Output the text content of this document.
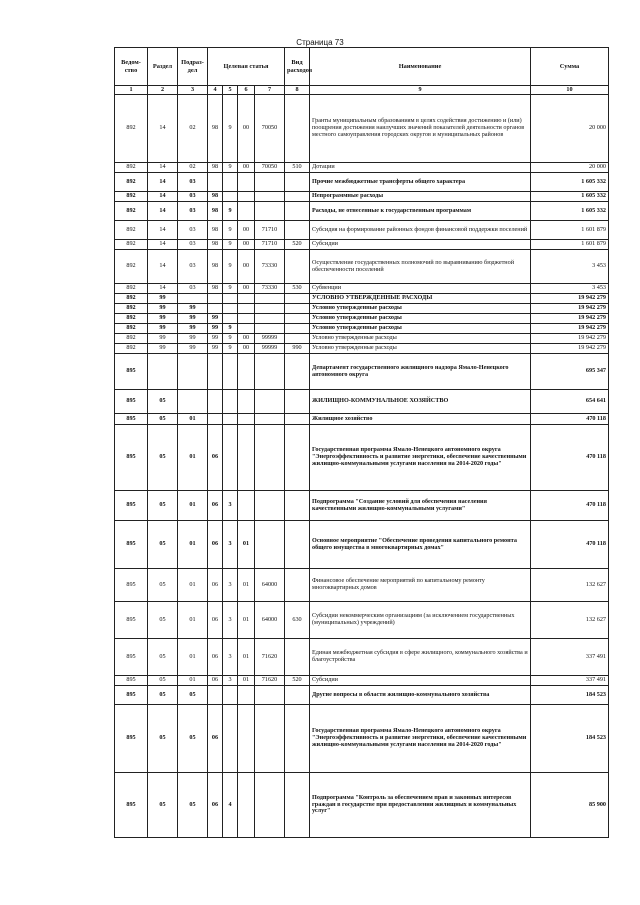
Страница 73
Ведом-ство	Раздел	Подраз-дел	Целевая статья				Вид расходов	Наименование	Сумма
1	2	3	4	5	6	7	8	9	10
892	14	02	98	9	00	70050		Гранты муниципальным образованиям в целях содействия достижению и (или) поощрения достижения наилучших значений показателей деятельности органов местного самоуправления городских округов и муниципальных районов	20 000
892	14	02	98	9	00	70050	510	Дотации	20 000
892	14	03						Прочие межбюджетные трансферты общего характера	1 605 332
892	14	03	98					Непрограммные расходы	1 605 332
892	14	03	98	9				Расходы, не отнесенные к государственным программам	1 605 332
892	14	03	98	9	00	71710		Субсидия на формирование районных фондов финансовой поддержки поселений	1 601 879
892	14	03	98	9	00	71710	520	Субсидии	1 601 879
892	14	03	98	9	00	73330		Осуществление государственных полномочий по выравниванию бюджетной обеспеченности поселений	3 453
892	14	03	98	9	00	73330	530	Субвенции	3 453
892	99							УСЛОВНО УТВЕРЖДЕННЫЕ РАСХОДЫ	19 942 279
892	99	99						Условно утвержденные расходы	19 942 279
892	99	99	99					Условно утвержденные расходы	19 942 279
892	99	99	99	9				Условно утвержденные расходы	19 942 279
892	99	99	99	9	00	99999		Условно утвержденные расходы	19 942 279
892	99	99	99	9	00	99999	990	Условно утвержденные расходы	19 942 279
895								Департамент государственного жилищного надзора Ямало-Ненецкого автономного округа	695 347
895	05							ЖИЛИЩНО-КОММУНАЛЬНОЕ ХОЗЯЙСТВО	654 641
895	05	01						Жилищное хозяйство	470 118
895	05	01	06					Государственная программа Ямало-Ненецкого автономного округа "Энергоэффективность и развитие энергетики, обеспечение качественными жилищно-коммунальными услугами населения на 2014-2020 годы"	470 118
895	05	01	06	3				Подпрограмма "Создание условий для обеспечения населения качественными жилищно-коммунальными услугами"	470 118
895	05	01	06	3	01			Основное мероприятие "Обеспечение проведения капитального ремонта общего имущества в многоквартирных домах"	470 118
895	05	01	06	3	01	64000		Финансовое обеспечение мероприятий по капитальному ремонту многоквартирных домов	132 627
895	05	01	06	3	01	64000	630	Субсидии некоммерческим организациям (за исключением государственных (муниципальных) учреждений)	132 627
895	05	01	06	3	01	71620		Единая межбюджетная субсидия в сфере жилищного, коммунального хозяйства и благоустройства	337 491
895	05	01	06	3	01	71620	520	Субсидии	337 491
895	05	05						Другие вопросы в области жилищно-коммунального хозяйства	184 523
895	05	05	06					Государственная программа Ямало-Ненецкого автономного округа "Энергоэффективность и развитие энергетики, обеспечение качественными жилищно-коммунальными услугами населения на 2014-2020 годы"	184 523
895	05	05	06	4				Подпрограмма "Контроль за обеспечением прав и законных интересов граждан в государстве при предоставлении жилищных и коммунальных услуг"	85 900
